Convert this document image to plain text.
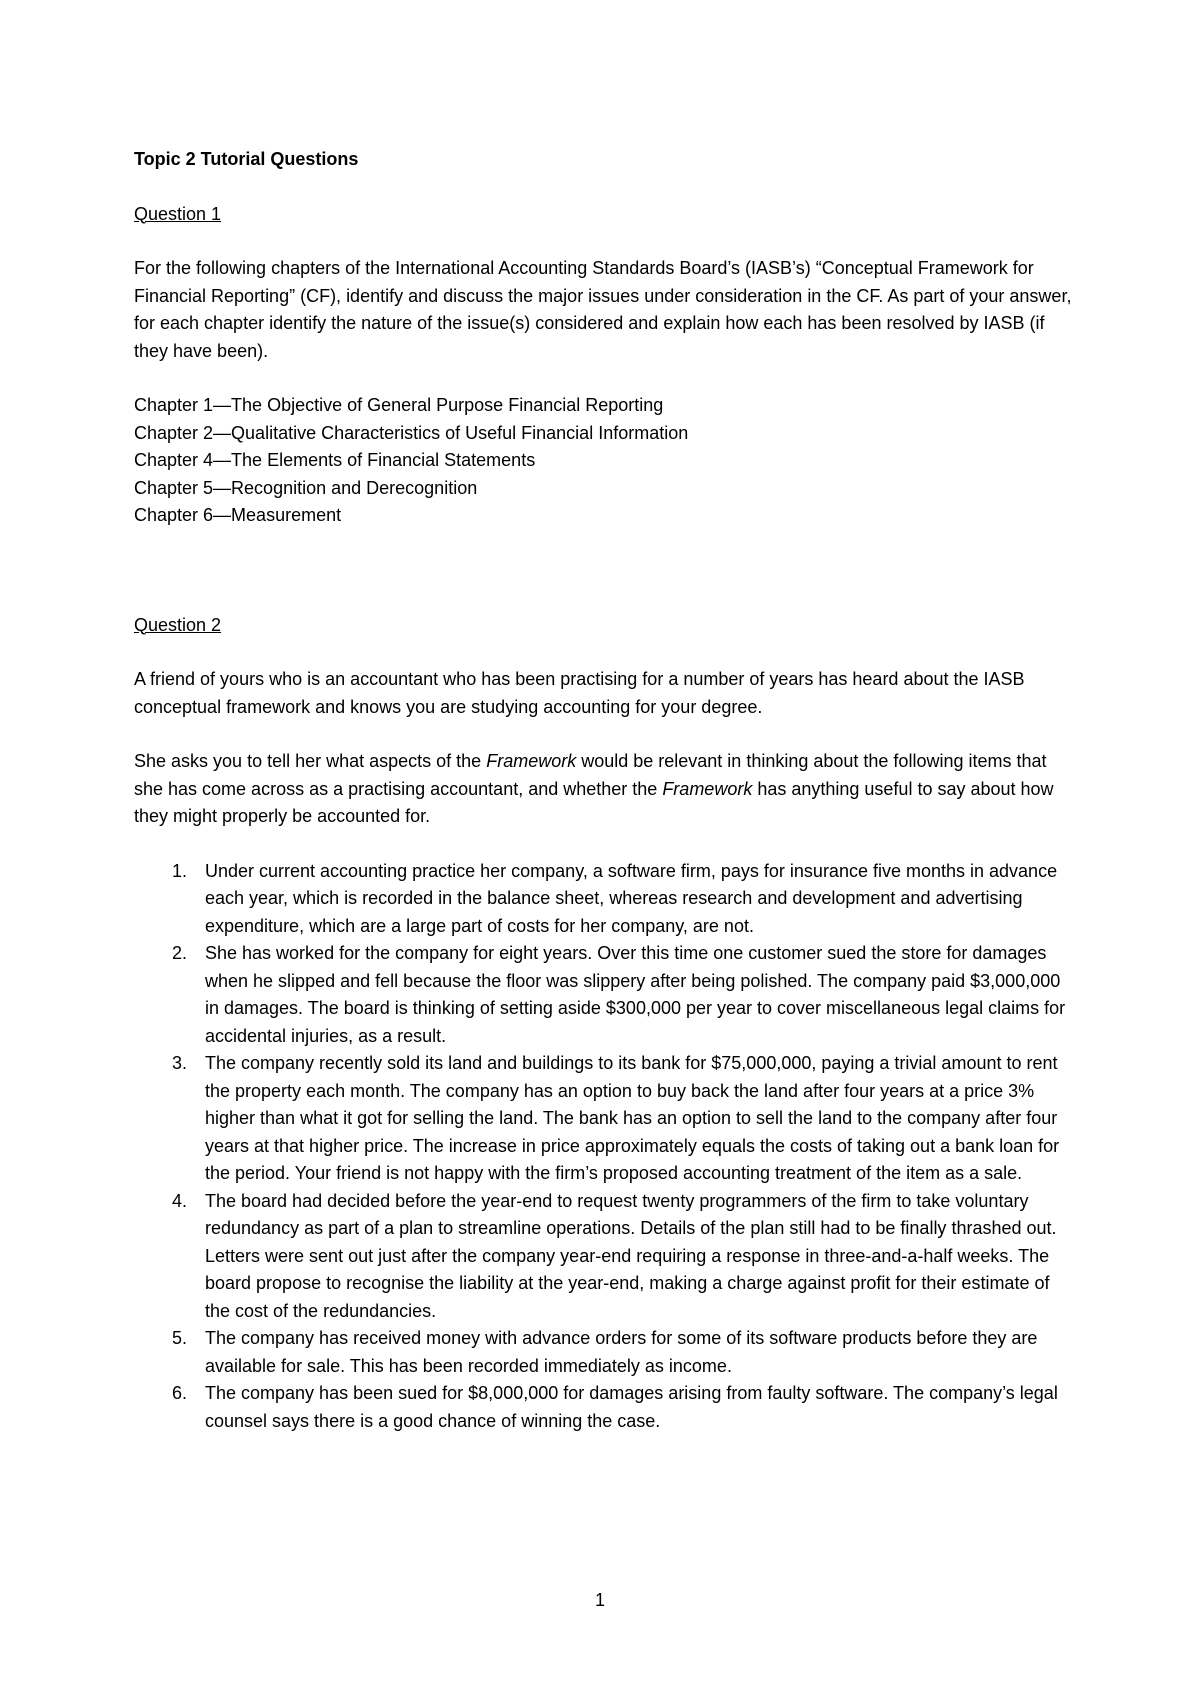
Topic 2 Tutorial Questions
Question 1
For the following chapters of the International Accounting Standards Board’s (IASB’s) “Conceptual Framework for Financial Reporting” (CF), identify and discuss the major issues under consideration in the CF. As part of your answer, for each chapter identify the nature of the issue(s) considered and explain how each has been resolved by IASB (if they have been).
Chapter 1—The Objective of General Purpose Financial Reporting
Chapter 2—Qualitative Characteristics of Useful Financial Information
Chapter 4—The Elements of Financial Statements
Chapter 5—Recognition and Derecognition
Chapter 6—Measurement
Question 2
A friend of yours who is an accountant who has been practising for a number of years has heard about the IASB conceptual framework and knows you are studying accounting for your degree.
She asks you to tell her what aspects of the Framework would be relevant in thinking about the following items that she has come across as a practising accountant, and whether the Framework has anything useful to say about how they might properly be accounted for.
1. Under current accounting practice her company, a software firm, pays for insurance five months in advance each year, which is recorded in the balance sheet, whereas research and development and advertising expenditure, which are a large part of costs for her company, are not.
2. She has worked for the company for eight years. Over this time one customer sued the store for damages when he slipped and fell because the floor was slippery after being polished. The company paid $3,000,000 in damages. The board is thinking of setting aside $300,000 per year to cover miscellaneous legal claims for accidental injuries, as a result.
3. The company recently sold its land and buildings to its bank for $75,000,000, paying a trivial amount to rent the property each month. The company has an option to buy back the land after four years at a price 3% higher than what it got for selling the land. The bank has an option to sell the land to the company after four years at that higher price. The increase in price approximately equals the costs of taking out a bank loan for the period. Your friend is not happy with the firm’s proposed accounting treatment of the item as a sale.
4. The board had decided before the year-end to request twenty programmers of the firm to take voluntary redundancy as part of a plan to streamline operations. Details of the plan still had to be finally thrashed out. Letters were sent out just after the company year-end requiring a response in three-and-a-half weeks. The board propose to recognise the liability at the year-end, making a charge against profit for their estimate of the cost of the redundancies.
5. The company has received money with advance orders for some of its software products before they are available for sale. This has been recorded immediately as income.
6. The company has been sued for $8,000,000 for damages arising from faulty software. The company’s legal counsel says there is a good chance of winning the case.
1
